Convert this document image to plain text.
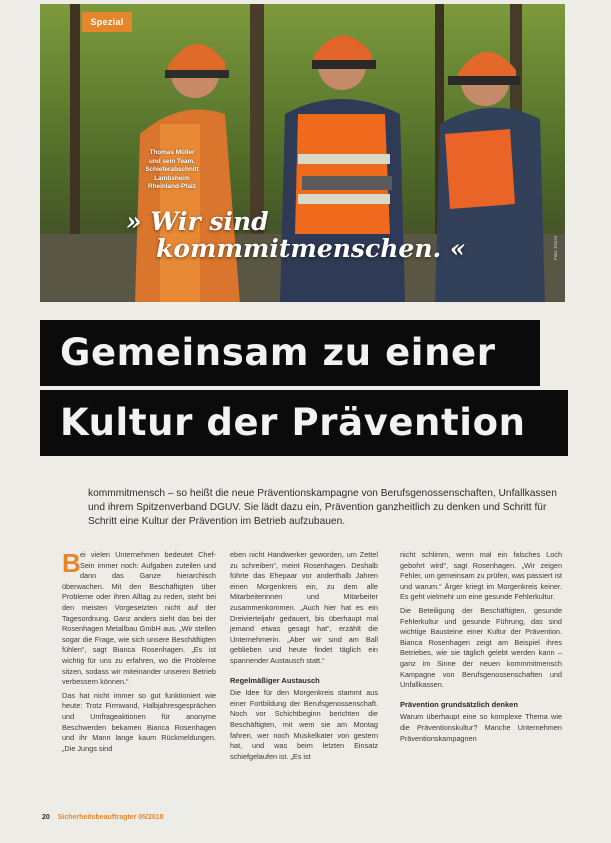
Spezial
Thomas Müller
und sein Team.
Schieferabschnitt
Lambsheim
Rheinland-Pfalz
» Wir sind
kommmitmenschen. «	Foto: DGUV
Gemeinsam zu einer
Kultur der Prävention
kommmitmensch – so heißt die neue Präventionskampagne von Berufsgenossenschaften, Unfallkassen und ihrem Spitzenverband DGUV. Sie lädt dazu ein, Prävention ganzheitlich zu denken und Schritt für Schritt eine Kultur der Prävention im Betrieb aufzubauen.
B ei vielen Unternehmen bedeutet Chef-Sein immer noch: Aufgaben zuteilen und dann das Ganze hierarchisch überwachen. Mit den Beschäftigten über Probleme oder ihren Alltag zu reden, steht bei den meisten Vorgesetzten nicht auf der Tagesordnung. Ganz anders sieht das bei der Rosenhagen Metallbau GmbH aus. „Wir stellen sogar die Frage, wie sich unsere Beschäftigten fühlen“, sagt Bianca Rosenhagen. „Es ist wichtig für uns zu erfahren, wo die Probleme sitzen, sodass wir miteinander unseren Betrieb verbessern können.“

Das hat nicht immer so gut funktioniert wie heute: Trotz Firmwand, Halbjahresgesprächen und Umfrageaktionen für anonyme Beschwerden bekamen Bianca Rosenhagen und ihr Mann lange kaum Rückmeldungen. „Die Jungs sind

eben nicht Handwerker geworden, um Zettel zu schreiben“, meint Rosenhagen. Deshalb führte das Ehepaar vor anderthalb Jahren einen Morgenkreis ein, zu dem alle Mitarbeiterinnen und Mitarbeiter zusammenkommen. „Auch hier hat es ein Dreivierteljahr gedauert, bis überhaupt mal jemand etwas gesagt hat“, erzählt die Unternehmerin. „Aber wir sind am Ball geblieben und heute findet täglich ein spannender Austausch statt.“

Regelmäßiger Austausch

Die Idee für den Morgenkreis stammt aus einer Fortbildung der Berufsgenossenschaft. Noch vor Schichtbeginn berichten die Beschäftigten, mit wem sie am Montag fahren, wer noch Muskelkater von gestern hat, und was beim letzten Einsatz schiefgelaufen ist. „Es ist

nicht schlimm, wenn mal ein falsches Loch gebohrt wird“, sagt Rosenhagen. „Wir zeigen Fehler, um gemeinsam zu prüfen, was passiert ist und warum.“ Ärger kriegt im Morgenkreis keiner. Es geht vielmehr um eine gesunde Fehlerkultur.

Die Beteiligung der Beschäftigten, gesunde Fehlerkultur und gesunde Führung, das sind wichtige Bausteine einer Kultur der Prävention. Bianca Rosenhagen zeigt am Beispiel ihres Betriebes, wie sie täglich gelebt werden kann – ganz im Sinne der neuen kommmitmensch Kampagne von Berufsgenossenschaften und Unfallkassen.

Prävention grundsätzlich denken

Warum überhaupt eine so komplexe Thema wie die Präventionskultur? Manche Unternehmen Präventionskampagnen

20 Sicherheitsbeauftragter 05/2018
